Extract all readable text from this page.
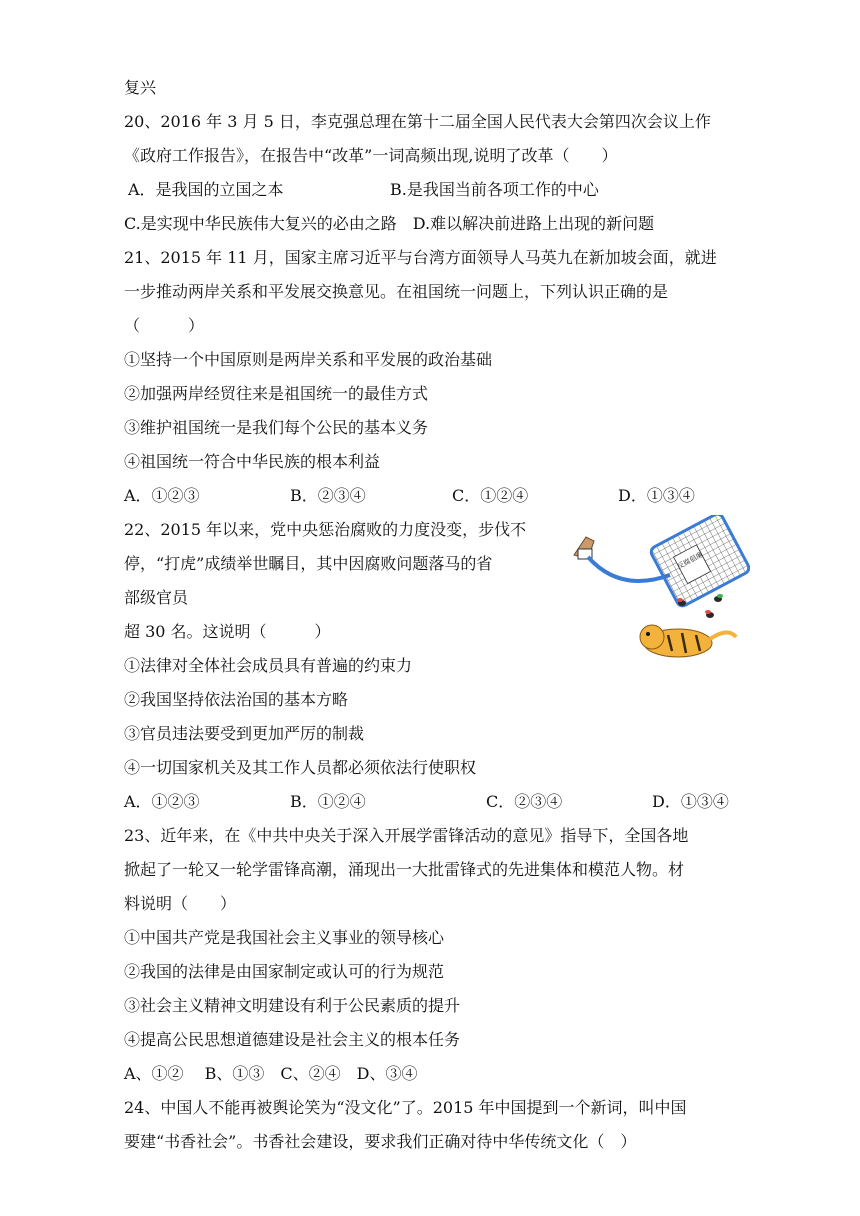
复兴
20、2016 年 3 月 5 日，李克强总理在第十二届全国人民代表大会第四次会议上作
《政府工作报告》，在报告中“改革”一词高频出现,说明了改革（　　）
A．是我国的立国之本	B.是我国当前各项工作的中心
C.是实现中华民族伟大复兴的必由之路　D.难以解决前进路上出现的新问题
21、2015 年 11 月，国家主席习近平与台湾方面领导人马英九在新加坡会面，就进
一步推动两岸关系和平发展交换意见。在祖国统一问题上，下列认识正确的是
（　　　）
①坚持一个中国原则是两岸关系和平发展的政治基础
②加强两岸经贸往来是祖国统一的最佳方式
③维护祖国统一是我们每个公民的基本义务
④祖国统一符合中华民族的根本利益
A．①②③	B．②③④	C．①②④	D．①③④
22、2015 年以来，党中央惩治腐败的力度没变，步伐不
停，“打虎”成绩举世瞩目，其中因腐败问题落马的省
部级官员
超 30 名。这说明（　　　）
①法律对全体社会成员具有普遍的约束力
②我国坚持依法治国的基本方略
③官员违法要受到更加严厉的制裁
④一切国家机关及其工作人员都必须依法行使职权
A．①②③	B．①②④	C．②③④	D．①③④
23、近年来，在《中共中央关于深入开展学雷锋活动的意见》指导下，全国各地
掀起了一轮又一轮学雷锋高潮，涌现出一大批雷锋式的先进集体和模范人物。材
料说明（　　）
①中国共产党是我国社会主义事业的领导核心
②我国的法律是由国家制定或认可的行为规范
③社会主义精神文明建设有利于公民素质的提升
④提高公民思想道德建设是社会主义的根本任务
A、①②　 B、①③　C、②④　D、③④
24、中国人不能再被舆论笑为“没文化”了。2015 年中国提到一个新词，叫中国
要建“书香社会”。书香社会建设，要求我们正确对待中华传统文化（　）
反腐倡廉
